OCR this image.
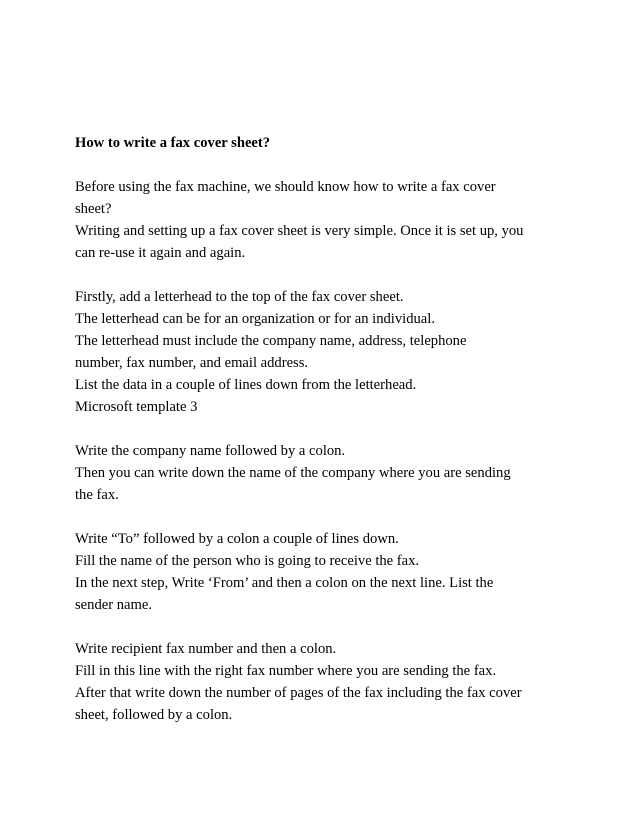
How to write a fax cover sheet?

Before using the fax machine, we should know how to write a fax cover
sheet?
Writing and setting up a fax cover sheet is very simple. Once it is set up, you
can re-use it again and again.

Firstly, add a letterhead to the top of the fax cover sheet.
The letterhead can be for an organization or for an individual.
The letterhead must include the company name, address, telephone
number, fax number, and email address.
List the data in a couple of lines down from the letterhead.
Microsoft template 3

Write the company name followed by a colon.
Then you can write down the name of the company where you are sending
the fax.

Write “To” followed by a colon a couple of lines down.
Fill the name of the person who is going to receive the fax.
In the next step, Write ‘From’ and then a colon on the next line. List the
sender name.

Write recipient fax number and then a colon.
Fill in this line with the right fax number where you are sending the fax.
After that write down the number of pages of the fax including the fax cover
sheet, followed by a colon.
